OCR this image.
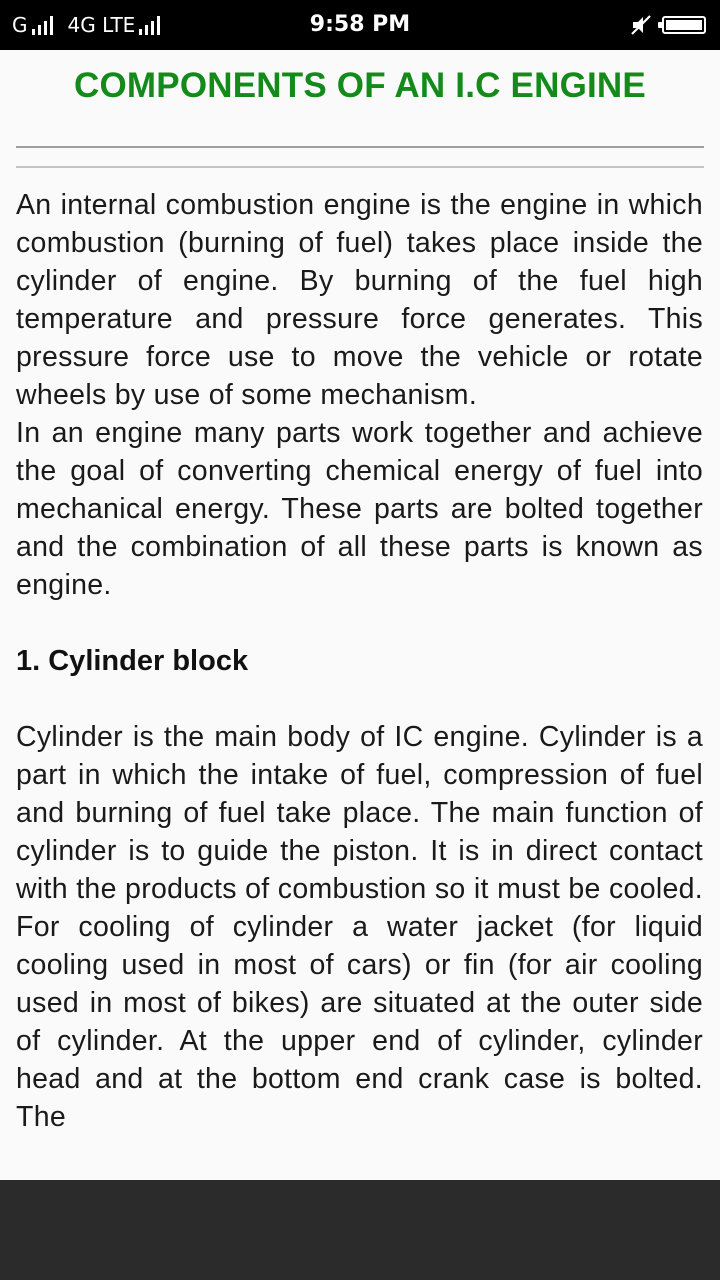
G 4G LTE	9:58 PM
COMPONENTS OF AN I.C ENGINE

An internal combustion engine is the engine in which combustion (burning of fuel) takes place inside the cylinder of engine. By burning of the fuel high temperature and pressure force generates. This pressure force use to move the vehicle or rotate wheels by use of some mechanism.

In an engine many parts work together and achieve the goal of converting chemical energy of fuel into mechanical energy. These parts are bolted together and the combination of all these parts is known as engine.

1. Cylinder block

Cylinder is the main body of IC engine. Cylinder is a part in which the intake of fuel, compression of fuel and burning of fuel take place. The main function of cylinder is to guide the piston. It is in direct contact with the products of combustion so it must be cooled. For cooling of cylinder a water jacket (for liquid cooling used in most of cars) or fin (for air cooling used in most of bikes) are situated at the outer side of cylinder. At the upper end of cylinder, cylinder head and at the bottom end crank case is bolted. The
